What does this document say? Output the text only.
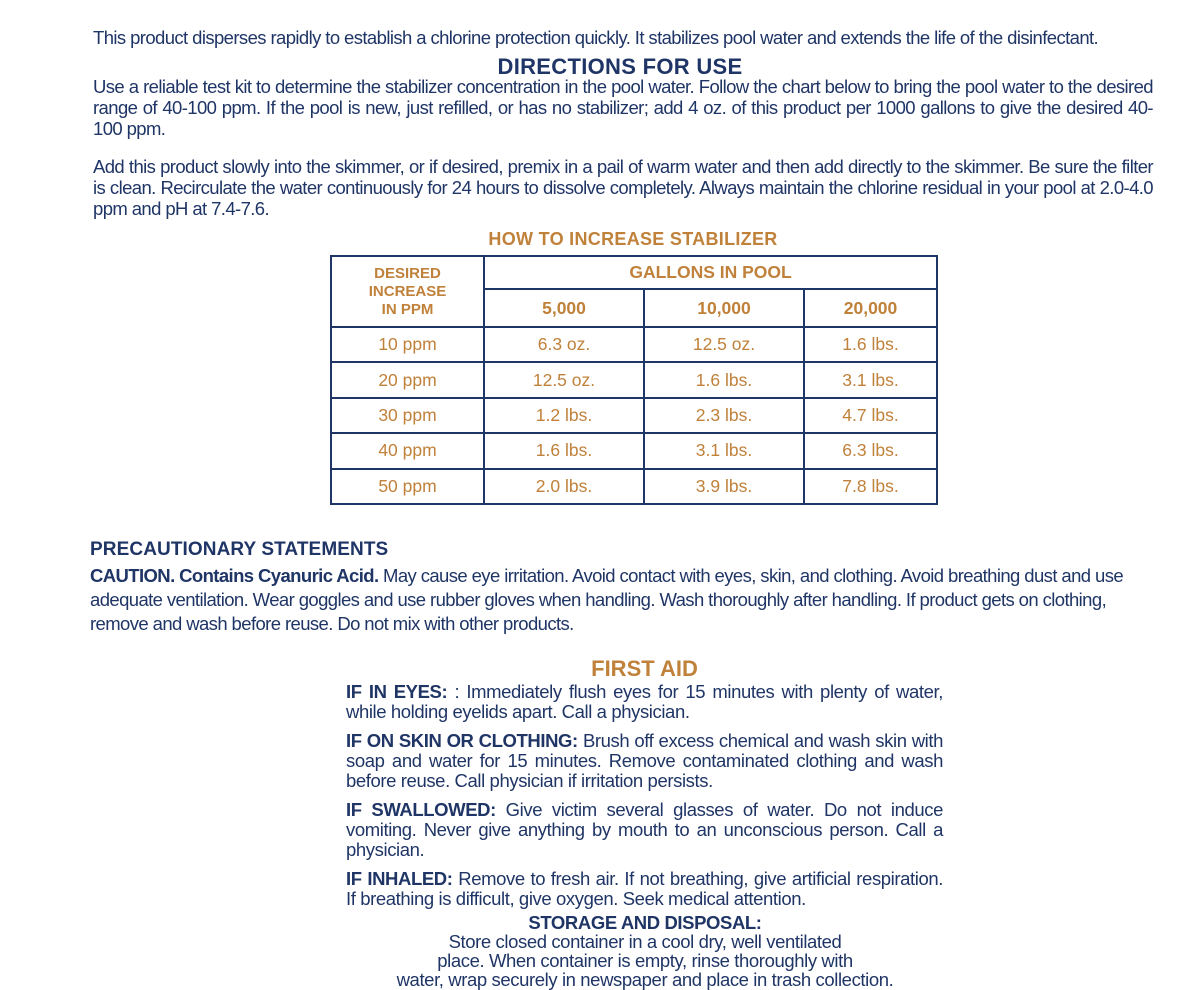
This product disperses rapidly to establish a chlorine protection quickly. It stabilizes pool water and extends the life of the disinfectant.

DIRECTIONS FOR USE

Use a reliable test kit to determine the stabilizer concentration in the pool water. Follow the chart below to bring the pool water to the desired range of 40-100 ppm. If the pool is new, just refilled, or has no stabilizer; add 4 oz. of this product per 1000 gallons to give the desired 40-100 ppm.

Add this product slowly into the skimmer, or if desired, premix in a pail of warm water and then add directly to the skimmer. Be sure the filter is clean. Recirculate the water continuously for 24 hours to dissolve completely. Always maintain the chlorine residual in your pool at 2.0-4.0 ppm and pH at 7.4-7.6.

HOW TO INCREASE STABILIZER
DESIRED
INCREASE
IN PPM	GALLONS IN POOL		
	5,000	10,000	20,000
10 ppm	6.3 oz.	12.5 oz.	1.6 lbs.
20 ppm	12.5 oz.	1.6 lbs.	3.1 lbs.
30 ppm	1.2 lbs.	2.3 lbs.	4.7 lbs.
40 ppm	1.6 lbs.	3.1 lbs.	6.3 lbs.
50 ppm	2.0 lbs.	3.9 lbs.	7.8 lbs.
PRECAUTIONARY STATEMENTS

CAUTION. Contains Cyanuric Acid. May cause eye irritation. Avoid contact with eyes, skin, and clothing. Avoid breathing dust and use adequate ventilation. Wear goggles and use rubber gloves when handling. Wash thoroughly after handling. If product gets on clothing, remove and wash before reuse. Do not mix with other products.

FIRST AID

IF IN EYES: : Immediately flush eyes for 15 minutes with plenty of water, while holding eyelids apart. Call a physician.

IF ON SKIN OR CLOTHING: Brush off excess chemical and wash skin with soap and water for 15 minutes. Remove contaminated clothing and wash before reuse. Call physician if irritation persists.

IF SWALLOWED: Give victim several glasses of water. Do not induce vomiting. Never give anything by mouth to an unconscious person. Call a physician.

IF INHALED: Remove to fresh air. If not breathing, give artificial respiration. If breathing is difficult, give oxygen. Seek medical attention.

STORAGE AND DISPOSAL:

Store closed container in a cool dry, well ventilated

place. When container is empty, rinse thoroughly with

water, wrap securely in newspaper and place in trash collection.
